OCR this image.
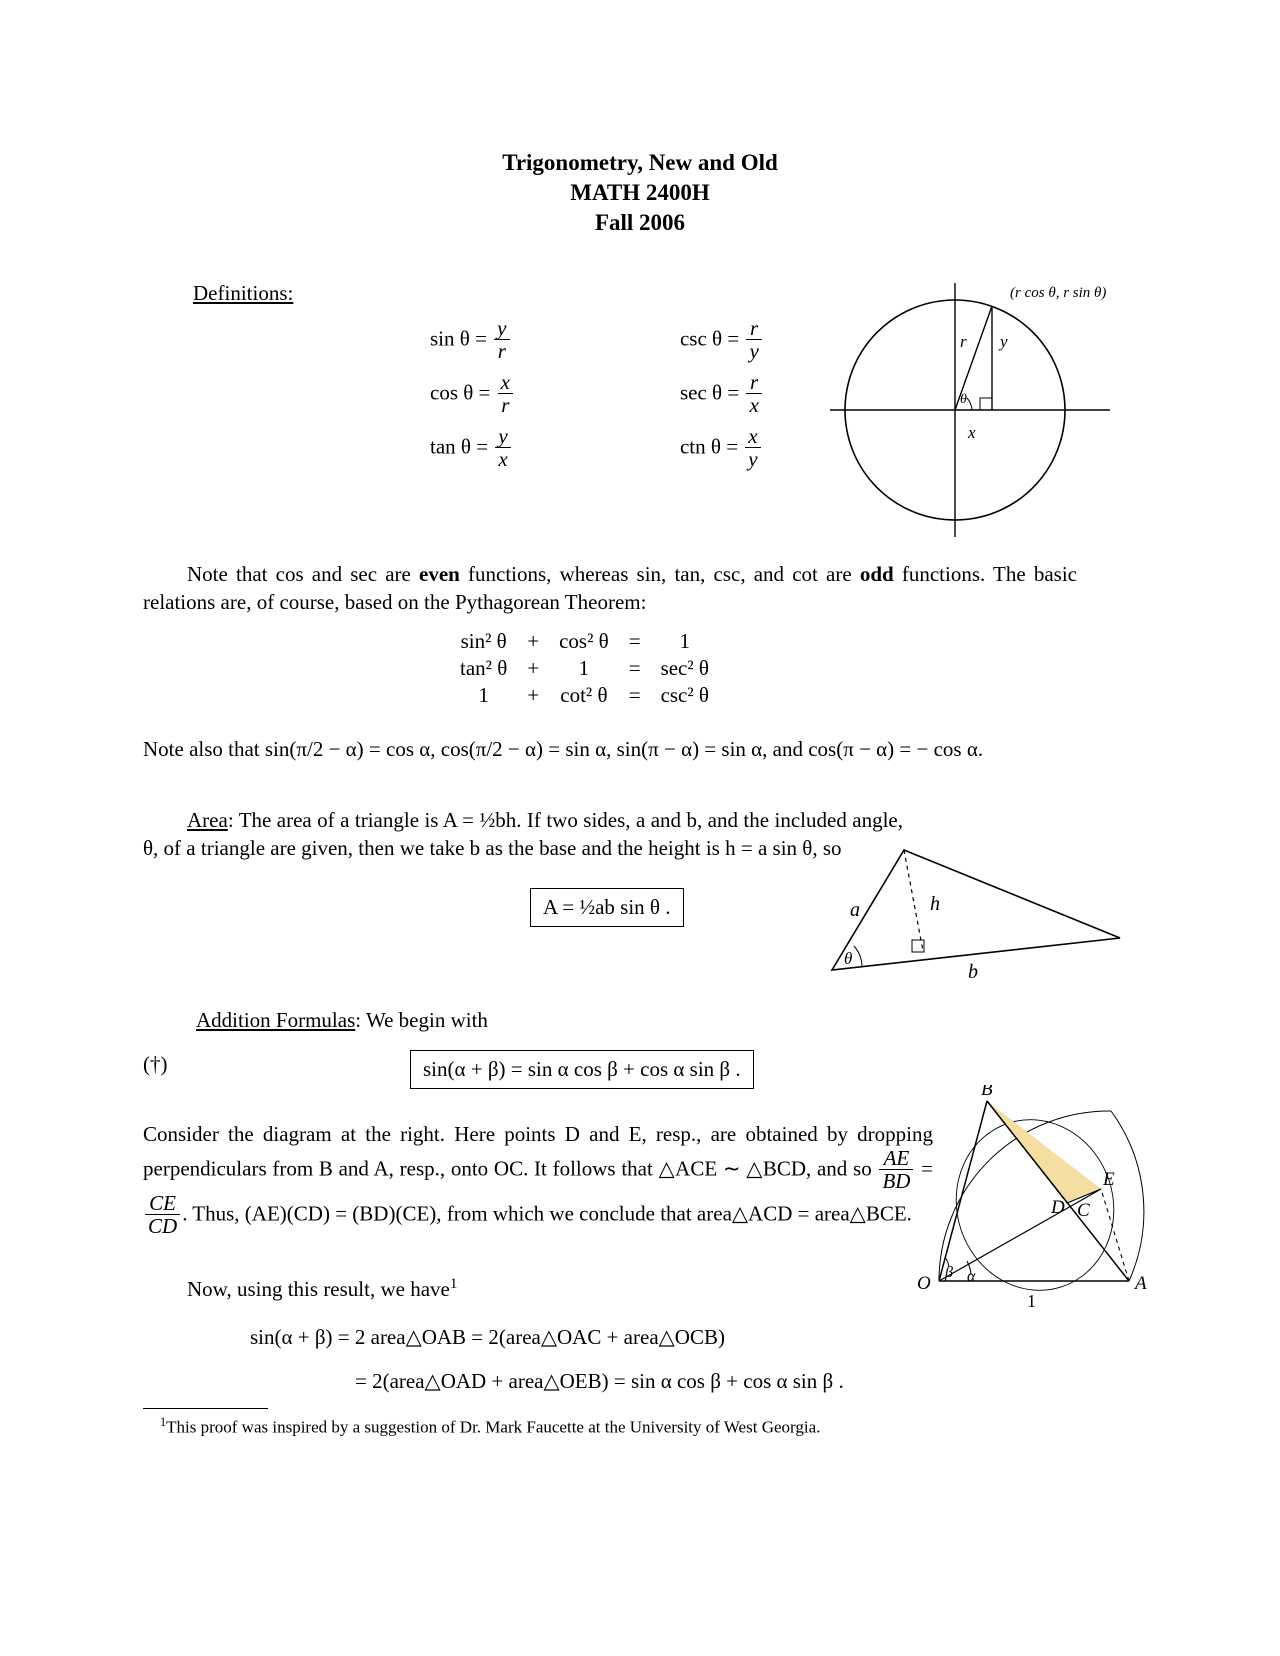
Trigonometry, New and Old
MATH 2400H
Fall 2006
Definitions:
$\sin \theta = \frac{y}{r}$		$\csc \theta = \frac{r}{y}$

$\cos \theta = \frac{x}{r}$		$\sec \theta = \frac{r}{x}$

$\tan \theta = \frac{y}{x}$		ctn $\theta = \frac{x}{y}$
(r cos θ, r sin θ)
r y
x
θ

Note that cos and sec are even functions, whereas sin, tan, csc, and cot are odd functions. The basic relations are, of course, based on the Pythagorean Theorem:

sin² θ	+	cos² θ	=	1
tan² θ	+	1	=	sec² θ
1	+	cot² θ	=	csc² θ

Note also that sin(π/2 − α) = cos α, cos(π/2 − α) = sin α, sin(π − α) = sin α, and cos(π − α) = − cos α.

Area: The area of a triangle is A = ½bh. If two sides, a and b, and the included angle, θ, of a triangle are given, then we take b as the base and the height is h = a sin θ, so

A = ½ab sin θ .	a	h
b
θ
Addition Formulas: We begin with
(†)	sin(α + β) = sin α cos β + cos α sin β .

Consider the diagram at the right. Here points D and E, resp., are obtained by dropping perpendiculars from B and A, resp., onto OC. It follows that △ACE ∼ △BCD, and so $\frac{AE}{BD}$ =
$\frac{CE}{CD}$ . Thus, (AE)(CD) = (BD)(CE), from which we conclude that area△ACD = area△BCE.

Now, using this result, we have$^1$

sin(α + β) = 2 area△OAB = 2(area△OAC + area△OCB)
= 2(area△OAD + area△OEB) = sin α cos β + cos α sin β .
B
E
D C
O	A
β α
1
$^1$This proof was inspired by a suggestion of Dr. Mark Faucette at the University of West Georgia.
